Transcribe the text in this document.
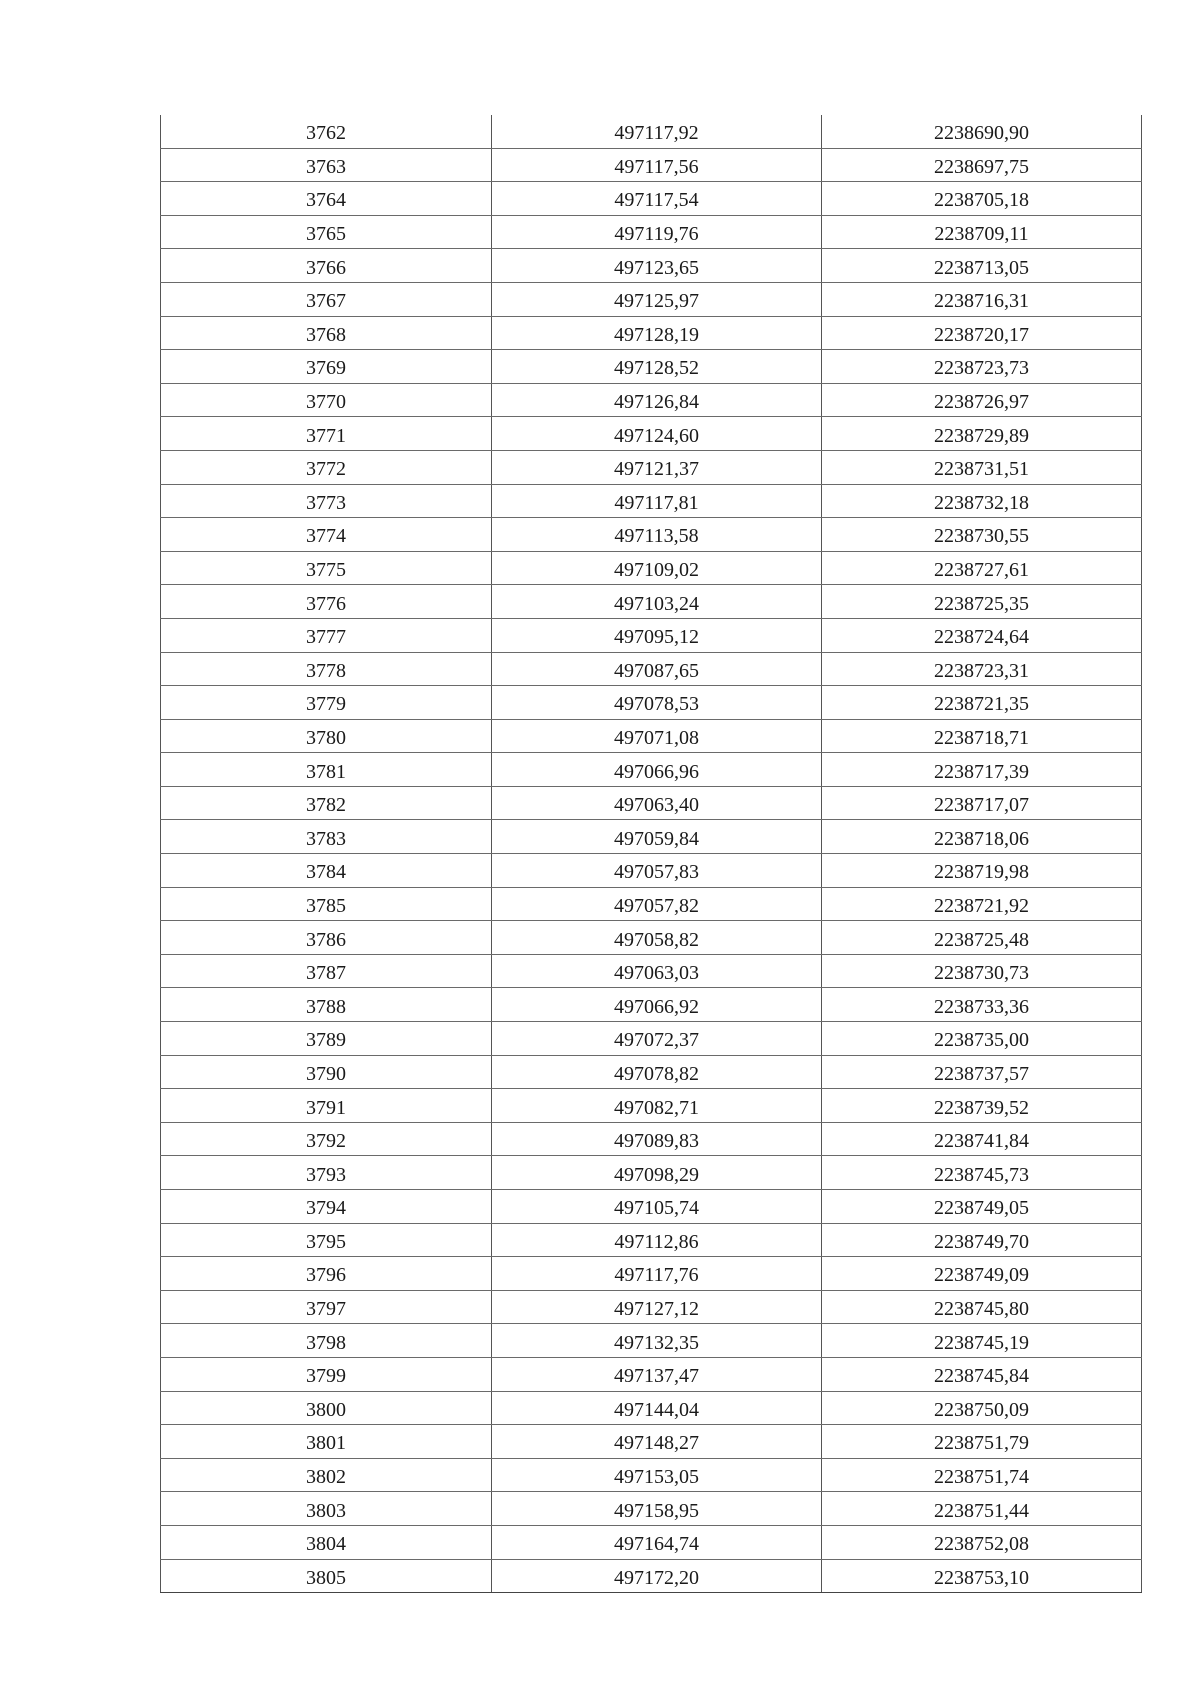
3762	497117,92	2238690,90
3763	497117,56	2238697,75
3764	497117,54	2238705,18
3765	497119,76	2238709,11
3766	497123,65	2238713,05
3767	497125,97	2238716,31
3768	497128,19	2238720,17
3769	497128,52	2238723,73
3770	497126,84	2238726,97
3771	497124,60	2238729,89
3772	497121,37	2238731,51
3773	497117,81	2238732,18
3774	497113,58	2238730,55
3775	497109,02	2238727,61
3776	497103,24	2238725,35
3777	497095,12	2238724,64
3778	497087,65	2238723,31
3779	497078,53	2238721,35
3780	497071,08	2238718,71
3781	497066,96	2238717,39
3782	497063,40	2238717,07
3783	497059,84	2238718,06
3784	497057,83	2238719,98
3785	497057,82	2238721,92
3786	497058,82	2238725,48
3787	497063,03	2238730,73
3788	497066,92	2238733,36
3789	497072,37	2238735,00
3790	497078,82	2238737,57
3791	497082,71	2238739,52
3792	497089,83	2238741,84
3793	497098,29	2238745,73
3794	497105,74	2238749,05
3795	497112,86	2238749,70
3796	497117,76	2238749,09
3797	497127,12	2238745,80
3798	497132,35	2238745,19
3799	497137,47	2238745,84
3800	497144,04	2238750,09
3801	497148,27	2238751,79
3802	497153,05	2238751,74
3803	497158,95	2238751,44
3804	497164,74	2238752,08
3805	497172,20	2238753,10
